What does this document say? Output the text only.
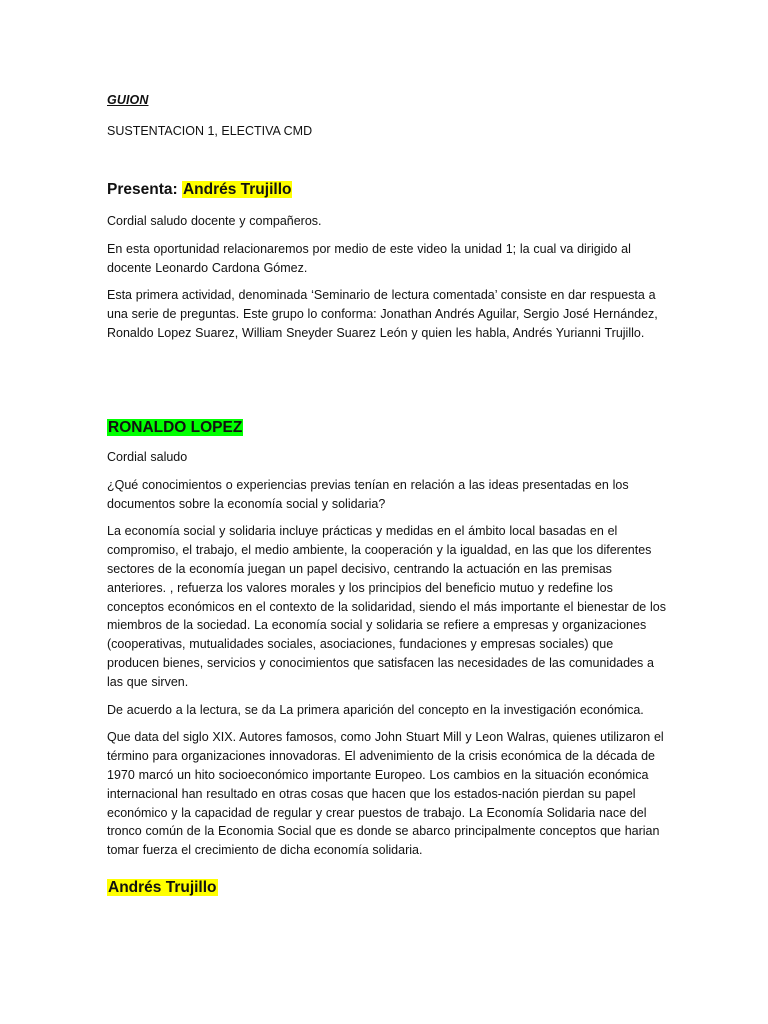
GUION
SUSTENTACION 1, ELECTIVA CMD
Presenta: Andrés Trujillo

Cordial saludo docente y compañeros.

En esta oportunidad relacionaremos por medio de este video la unidad 1; la cual va dirigido al docente Leonardo Cardona Gómez.

Esta primera actividad, denominada ‘Seminario de lectura comentada’ consiste en dar respuesta a una serie de preguntas. Este grupo lo conforma: Jonathan Andrés Aguilar, Sergio José Hernández, Ronaldo Lopez Suarez, William Sneyder Suarez León y quien les habla, Andrés Yurianni Trujillo.

RONALDO LOPEZ

Cordial saludo

¿Qué conocimientos o experiencias previas tenían en relación a las ideas presentadas en los documentos sobre la economía social y solidaria?

La economía social y solidaria incluye prácticas y medidas en el ámbito local basadas en el compromiso, el trabajo, el medio ambiente, la cooperación y la igualdad, en las que los diferentes sectores de la economía juegan un papel decisivo, centrando la actuación en las premisas anteriores. , refuerza los valores morales y los principios del beneficio mutuo y redefine los conceptos económicos en el contexto de la solidaridad, siendo el más importante el bienestar de los miembros de la sociedad. La economía social y solidaria se refiere a empresas y organizaciones (cooperativas, mutualidades sociales, asociaciones, fundaciones y empresas sociales) que producen bienes, servicios y conocimientos que satisfacen las necesidades de las comunidades a las que sirven.

De acuerdo a la lectura, se da La primera aparición del concepto en la investigación económica.

Que data del siglo XIX. Autores famosos, como John Stuart Mill y Leon Walras, quienes utilizaron el término para organizaciones innovadoras. El advenimiento de la crisis económica de la década de 1970 marcó un hito socioeconómico importante Europeo. Los cambios en la situación económica internacional han resultado en otras cosas que hacen que los estados-nación pierdan su papel económico y la capacidad de regular y crear puestos de trabajo. La Economía Solidaria nace del tronco común de la Economia Social que es donde se abarco principalmente conceptos que harian tomar fuerza el crecimiento de dicha economía solidaria.

Andrés Trujillo
